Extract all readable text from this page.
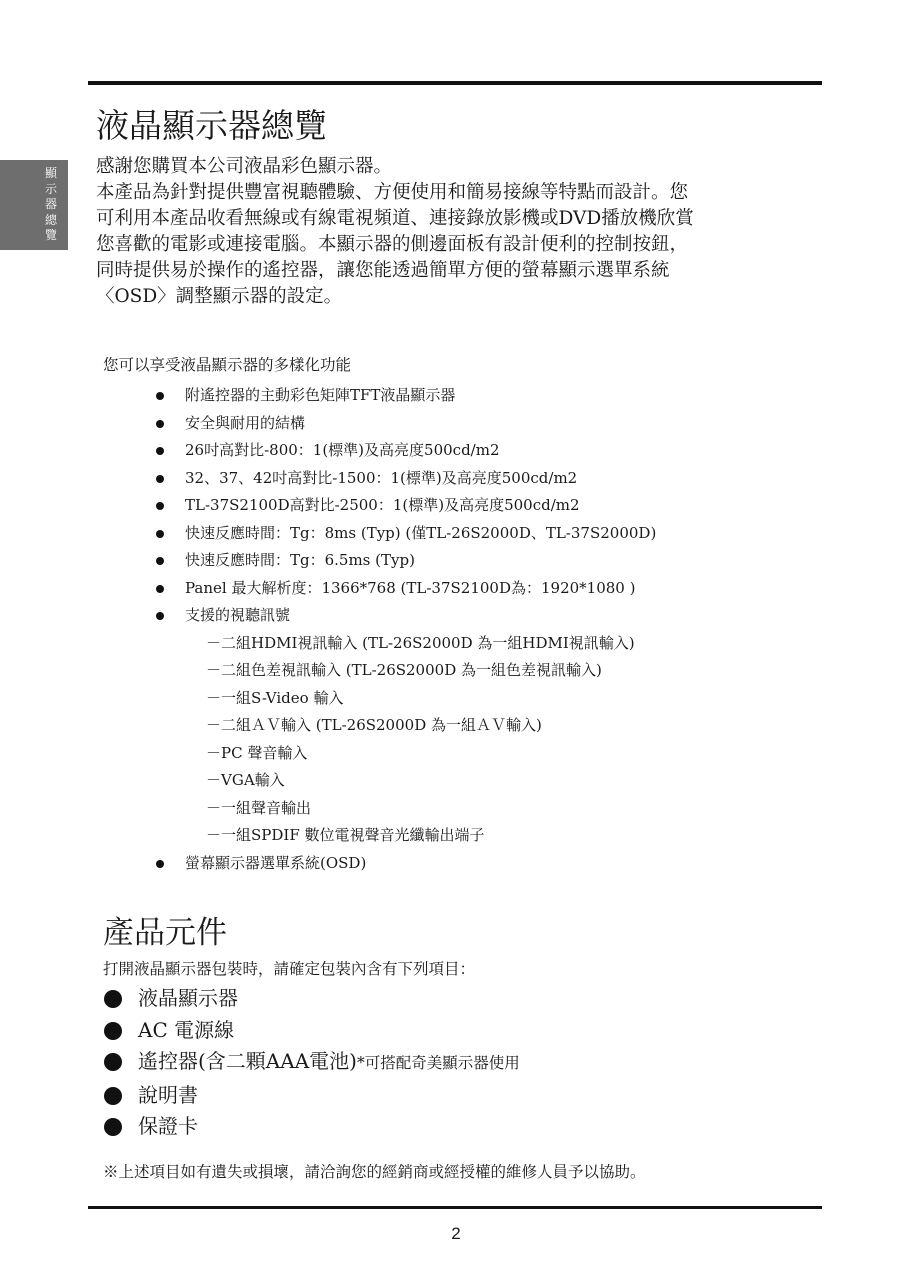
顯示器總覽
液晶顯示器總覽

感謝您購買本公司液晶彩色顯示器。

本產品為針對提供豐富視聽體驗、方便使用和簡易接線等特點而設計。您

可利用本產品收看無線或有線電視頻道、連接錄放影機或DVD播放機欣賞

您喜歡的電影或連接電腦。本顯示器的側邊面板有設計便利的控制按鈕，

同時提供易於操作的遙控器，讓您能透過簡單方便的螢幕顯示選單系統

〈OSD〉調整顯示器的設定。

您可以享受液晶顯示器的多樣化功能

附遙控器的主動彩色矩陣TFT液晶顯示器
安全與耐用的結構
26吋高對比-800：1(標準)及高亮度500cd/m2
32、37、42吋高對比-1500：1(標準)及高亮度500cd/m2
TL-37S2100D高對比-2500：1(標準)及高亮度500cd/m2
快速反應時間：Tg：8ms (Typ) (僅TL-26S2000D、TL-37S2000D)
快速反應時間：Tg：6.5ms (Typ)
Panel 最大解析度：1366*768 (TL-37S2100D為：1920*1080 )
支援的視聽訊號
－二組HDMI視訊輸入 (TL-26S2000D 為一組HDMI視訊輸入)
－二組色差視訊輸入 (TL-26S2000D 為一組色差視訊輸入)
－一組S-Video 輸入
－二組ＡＶ輸入 (TL-26S2000D 為一組ＡＶ輸入)
－PC 聲音輸入
－VGA輸入
－一組聲音輸出
－一組SPDIF 數位電視聲音光纖輸出端子
螢幕顯示器選單系統(OSD)
產品元件

打開液晶顯示器包裝時，請確定包裝內含有下列項目：

液晶顯示器
AC 電源線
遙控器(含二顆AAA電池)*可搭配奇美顯示器使用
說明書
保證卡

※上述項目如有遺失或損壞，請洽詢您的經銷商或經授權的維修人員予以協助。

2
